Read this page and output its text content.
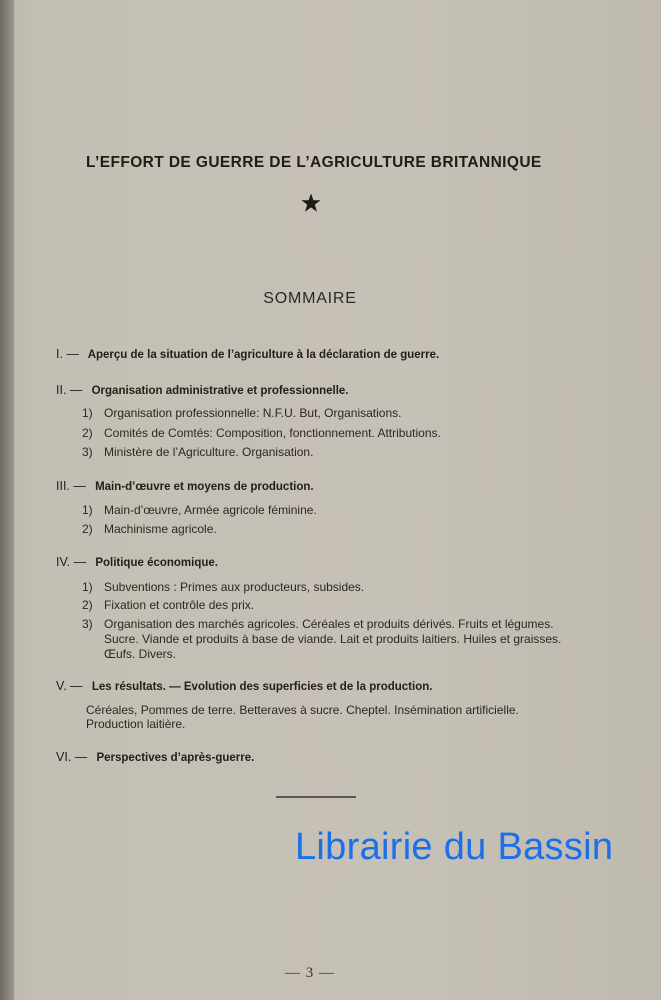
L’EFFORT DE GUERRE DE L’AGRICULTURE BRITANNIQUE
SOMMAIRE
I. — Aperçu de la situation de l’agriculture à la déclaration de guerre.
II. — Organisation administrative et professionnelle.
1) Organisation professionnelle: N.F.U. But, Organisations.
2) Comités de Comtés: Composition, fonctionnement. Attributions.
3) Ministère de l’Agriculture. Organisation.
III. — Main-d’œuvre et moyens de production.
1) Main-d’œuvre, Armée agricole féminine.
2) Machinisme agricole.
IV. — Politique économique.
1) Subventions : Primes aux producteurs, subsides.
2) Fixation et contrôle des prix.
3) Organisation des marchés agricoles. Céréales et produits dérivés. Fruits et légumes. Sucre. Viande et produits à base de viande. Lait et produits laitiers. Huiles et graisses. Œufs. Divers.
V. — Les résultats. — Evolution des superficies et de la production.
Céréales, Pommes de terre. Betteraves à sucre. Cheptel. Insémination artificielle. Production laitière.
VI. — Perspectives d’après-guerre.
Librairie du Bassin
— 3 —
